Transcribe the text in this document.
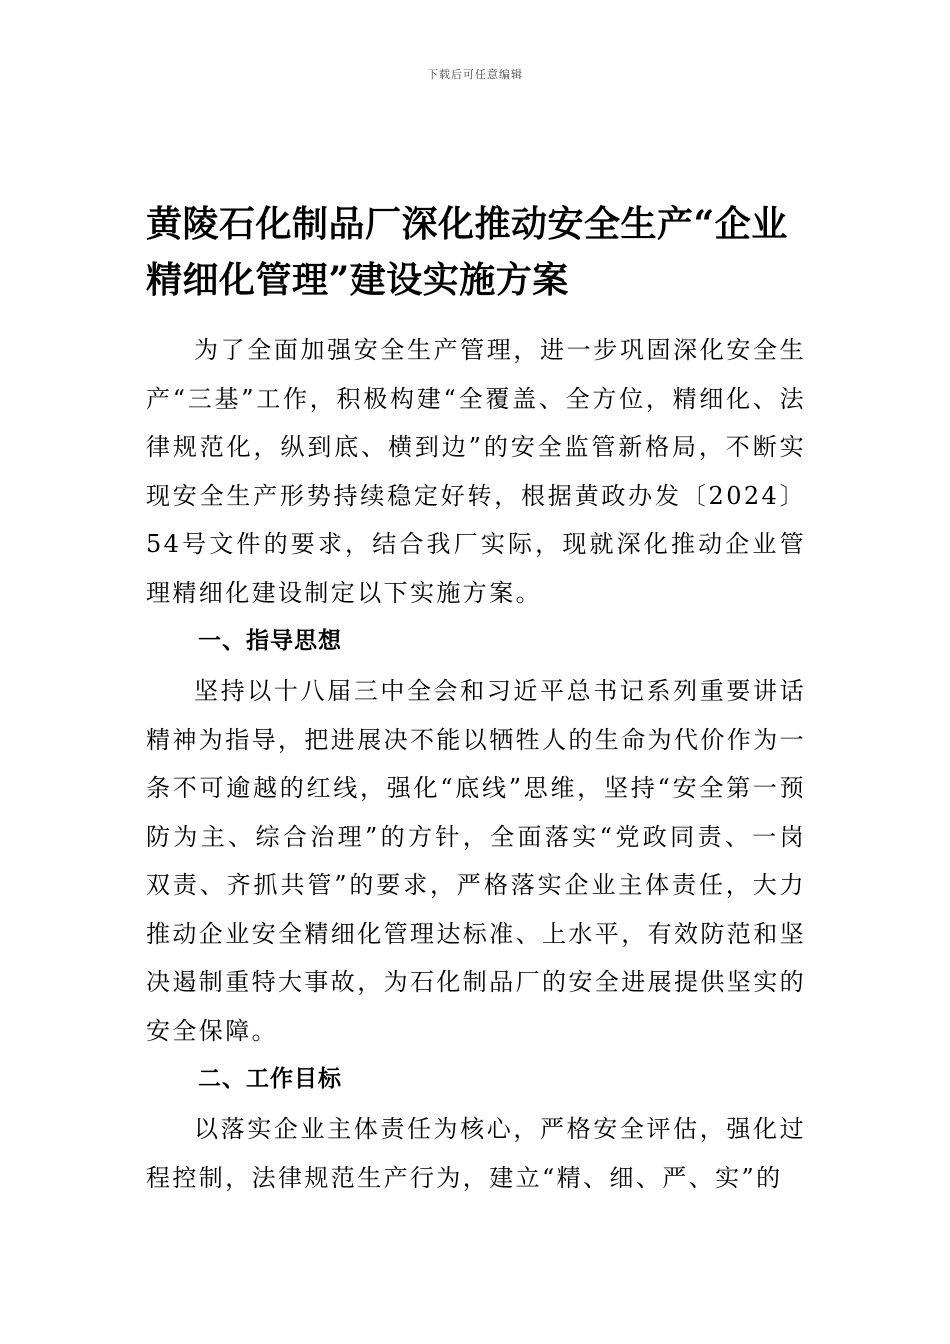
下载后可任意编辑
黄陵石化制品厂深化推动安全生产“企业精细化管理”建设实施方案

为了全面加强安全生产管理，进一步巩固深化安全生产“三基”工作，积极构建“全覆盖、全方位，精细化、法律规范化，纵到底、横到边”的安全监管新格局，不断实现安全生产形势持续稳定好转，根据黄政办发〔2024〕54号文件的要求，结合我厂实际，现就深化推动企业管理精细化建设制定以下实施方案。

一、指导思想

坚持以十八届三中全会和习近平总书记系列重要讲话精神为指导，把进展决不能以牺牲人的生命为代价作为一条不可逾越的红线，强化“底线”思维，坚持“安全第一预防为主、综合治理”的方针，全面落实“党政同责、一岗双责、齐抓共管”的要求，严格落实企业主体责任，大力推动企业安全精细化管理达标准、上水平，有效防范和坚决遏制重特大事故，为石化制品厂的安全进展提供坚实的安全保障。

二、工作目标

以落实企业主体责任为核心，严格安全评估，强化过程控制，法律规范生产行为，建立“精、细、严、实”的
